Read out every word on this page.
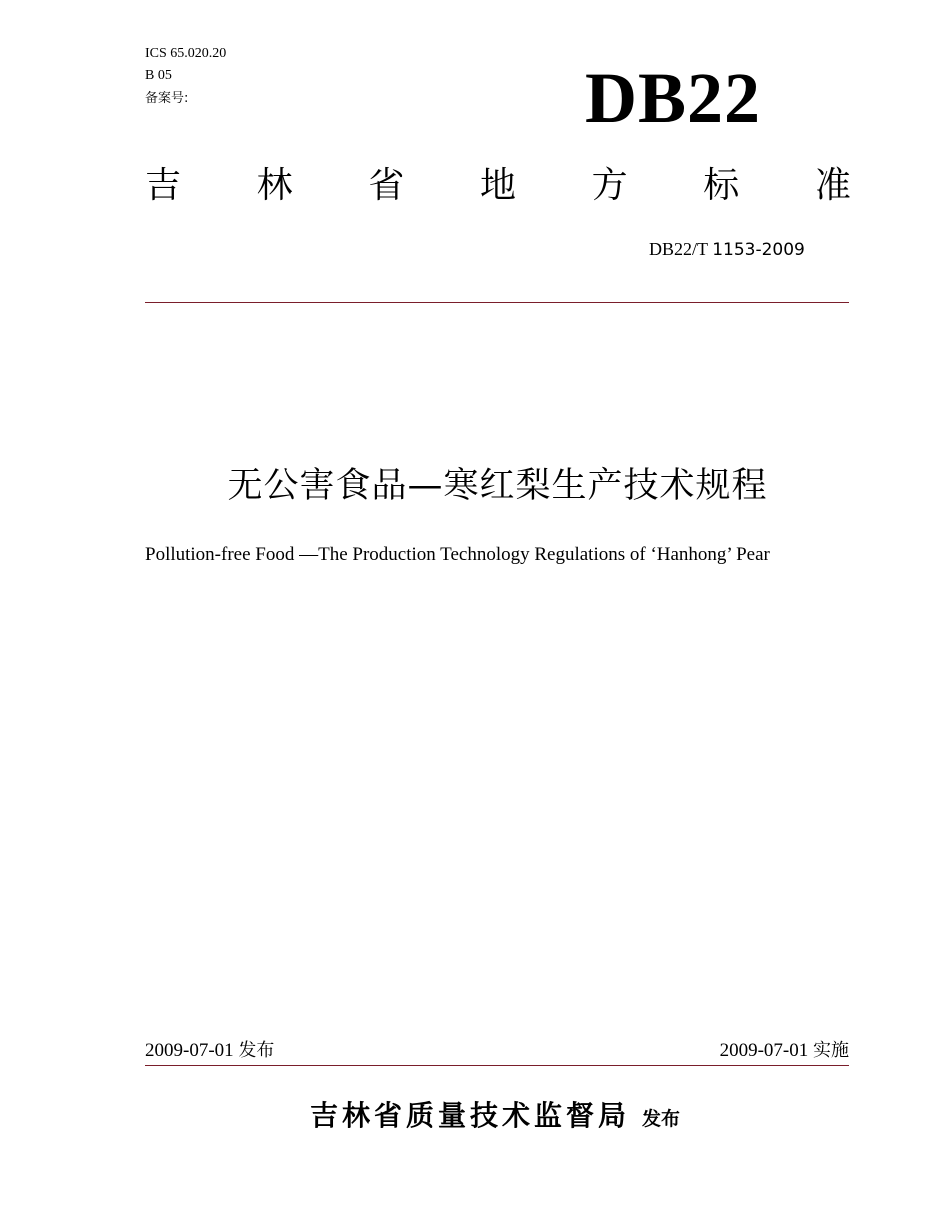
ICS 65.020.20
B 05
备案号:	DB22
吉 林 省 地 方 标 准
DB22/T 1153-2009
无公害食品—寒红梨生产技术规程
Pollution-free Food —The Production Technology Regulations of ‘Hanhong’ Pear
2009-07-01 发布	2009-07-01 实施
吉林省质量技术监督局 发布
